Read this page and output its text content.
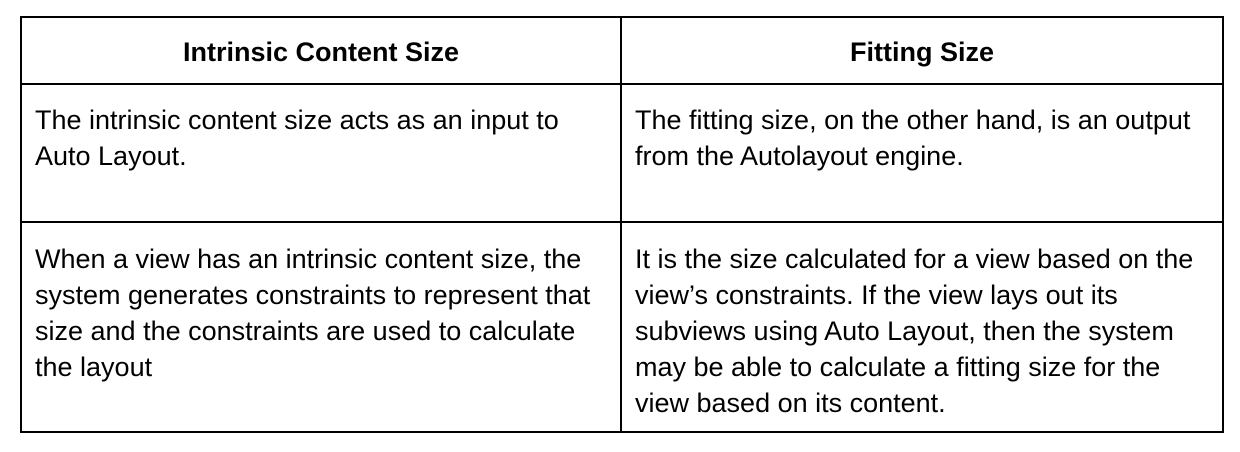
Intrinsic Content Size	Fitting Size
The intrinsic content size acts as an input to Auto Layout.	The fitting size, on the other hand, is an output from the Autolayout engine.
When a view has an intrinsic content size, the system generates constraints to represent that size and the constraints are used to calculate the layout	It is the size calculated for a view based on the view’s constraints. If the view lays out its subviews using Auto Layout, then the system may be able to calculate a fitting size for the view based on its content.
